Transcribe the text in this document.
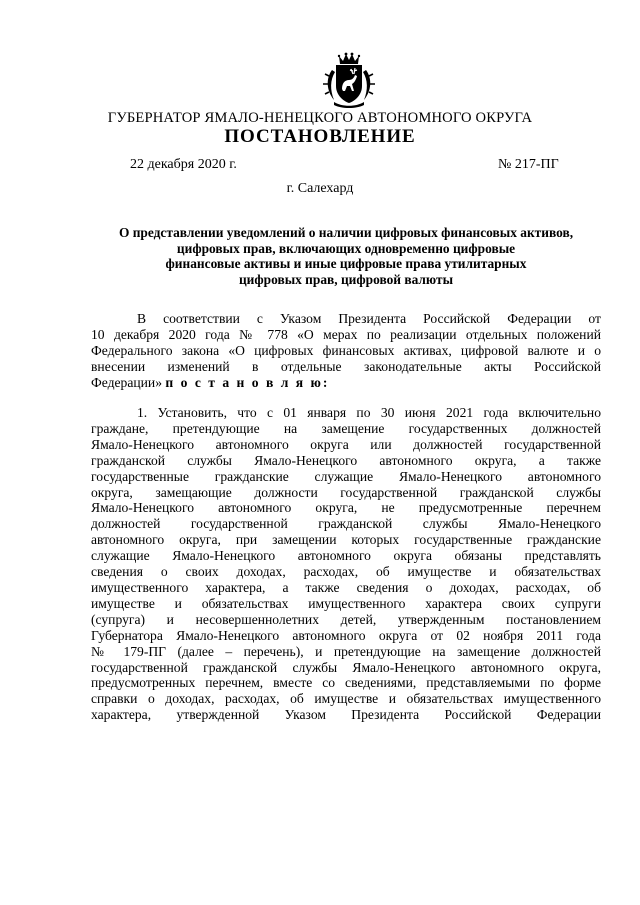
ГУБЕРНАТОР ЯМАЛО-НЕНЕЦКОГО АВТОНОМНОГО ОКРУГА
ПОСТАНОВЛЕНИЕ
22 декабря 2020 г.	№ 217-ПГ
г. Салехард
О представлении уведомлений о наличии цифровых финансовых активов,
цифровых прав, включающих одновременно цифровые
финансовые активы и иные цифровые права утилитарных
цифровых прав, цифровой валюты
В соответствии с Указом Президента Российской Федерации от
10 декабря 2020 года № 778 «О мерах по реализации отдельных положений
Федерального закона «О цифровых финансовых активах, цифровой валюте и о
внесении изменений в отдельные законодательные акты Российской
Федерации» п о с т а н о в л я ю:
1. Установить, что с 01 января по 30 июня 2021 года включительно
граждане, претендующие на замещение государственных должностей
Ямало-Ненецкого автономного округа или должностей государственной
гражданской службы Ямало-Ненецкого автономного округа, а также
государственные гражданские служащие Ямало-Ненецкого автономного
округа, замещающие должности государственной гражданской службы
Ямало-Ненецкого автономного округа, не предусмотренные перечнем
должностей государственной гражданской службы Ямало-Ненецкого
автономного округа, при замещении которых государственные гражданские
служащие Ямало-Ненецкого автономного округа обязаны представлять
сведения о своих доходах, расходах, об имуществе и обязательствах
имущественного характера, а также сведения о доходах, расходах, об
имуществе и обязательствах имущественного характера своих супруги
(супруга) и несовершеннолетних детей, утвержденным постановлением
Губернатора Ямало-Ненецкого автономного округа от 02 ноября 2011 года
№ 179-ПГ (далее – перечень), и претендующие на замещение должностей
государственной гражданской службы Ямало-Ненецкого автономного округа,
предусмотренных перечнем, вместе со сведениями, представляемыми по форме
справки о доходах, расходах, об имуществе и обязательствах имущественного
характера, утвержденной Указом Президента Российской Федерации
